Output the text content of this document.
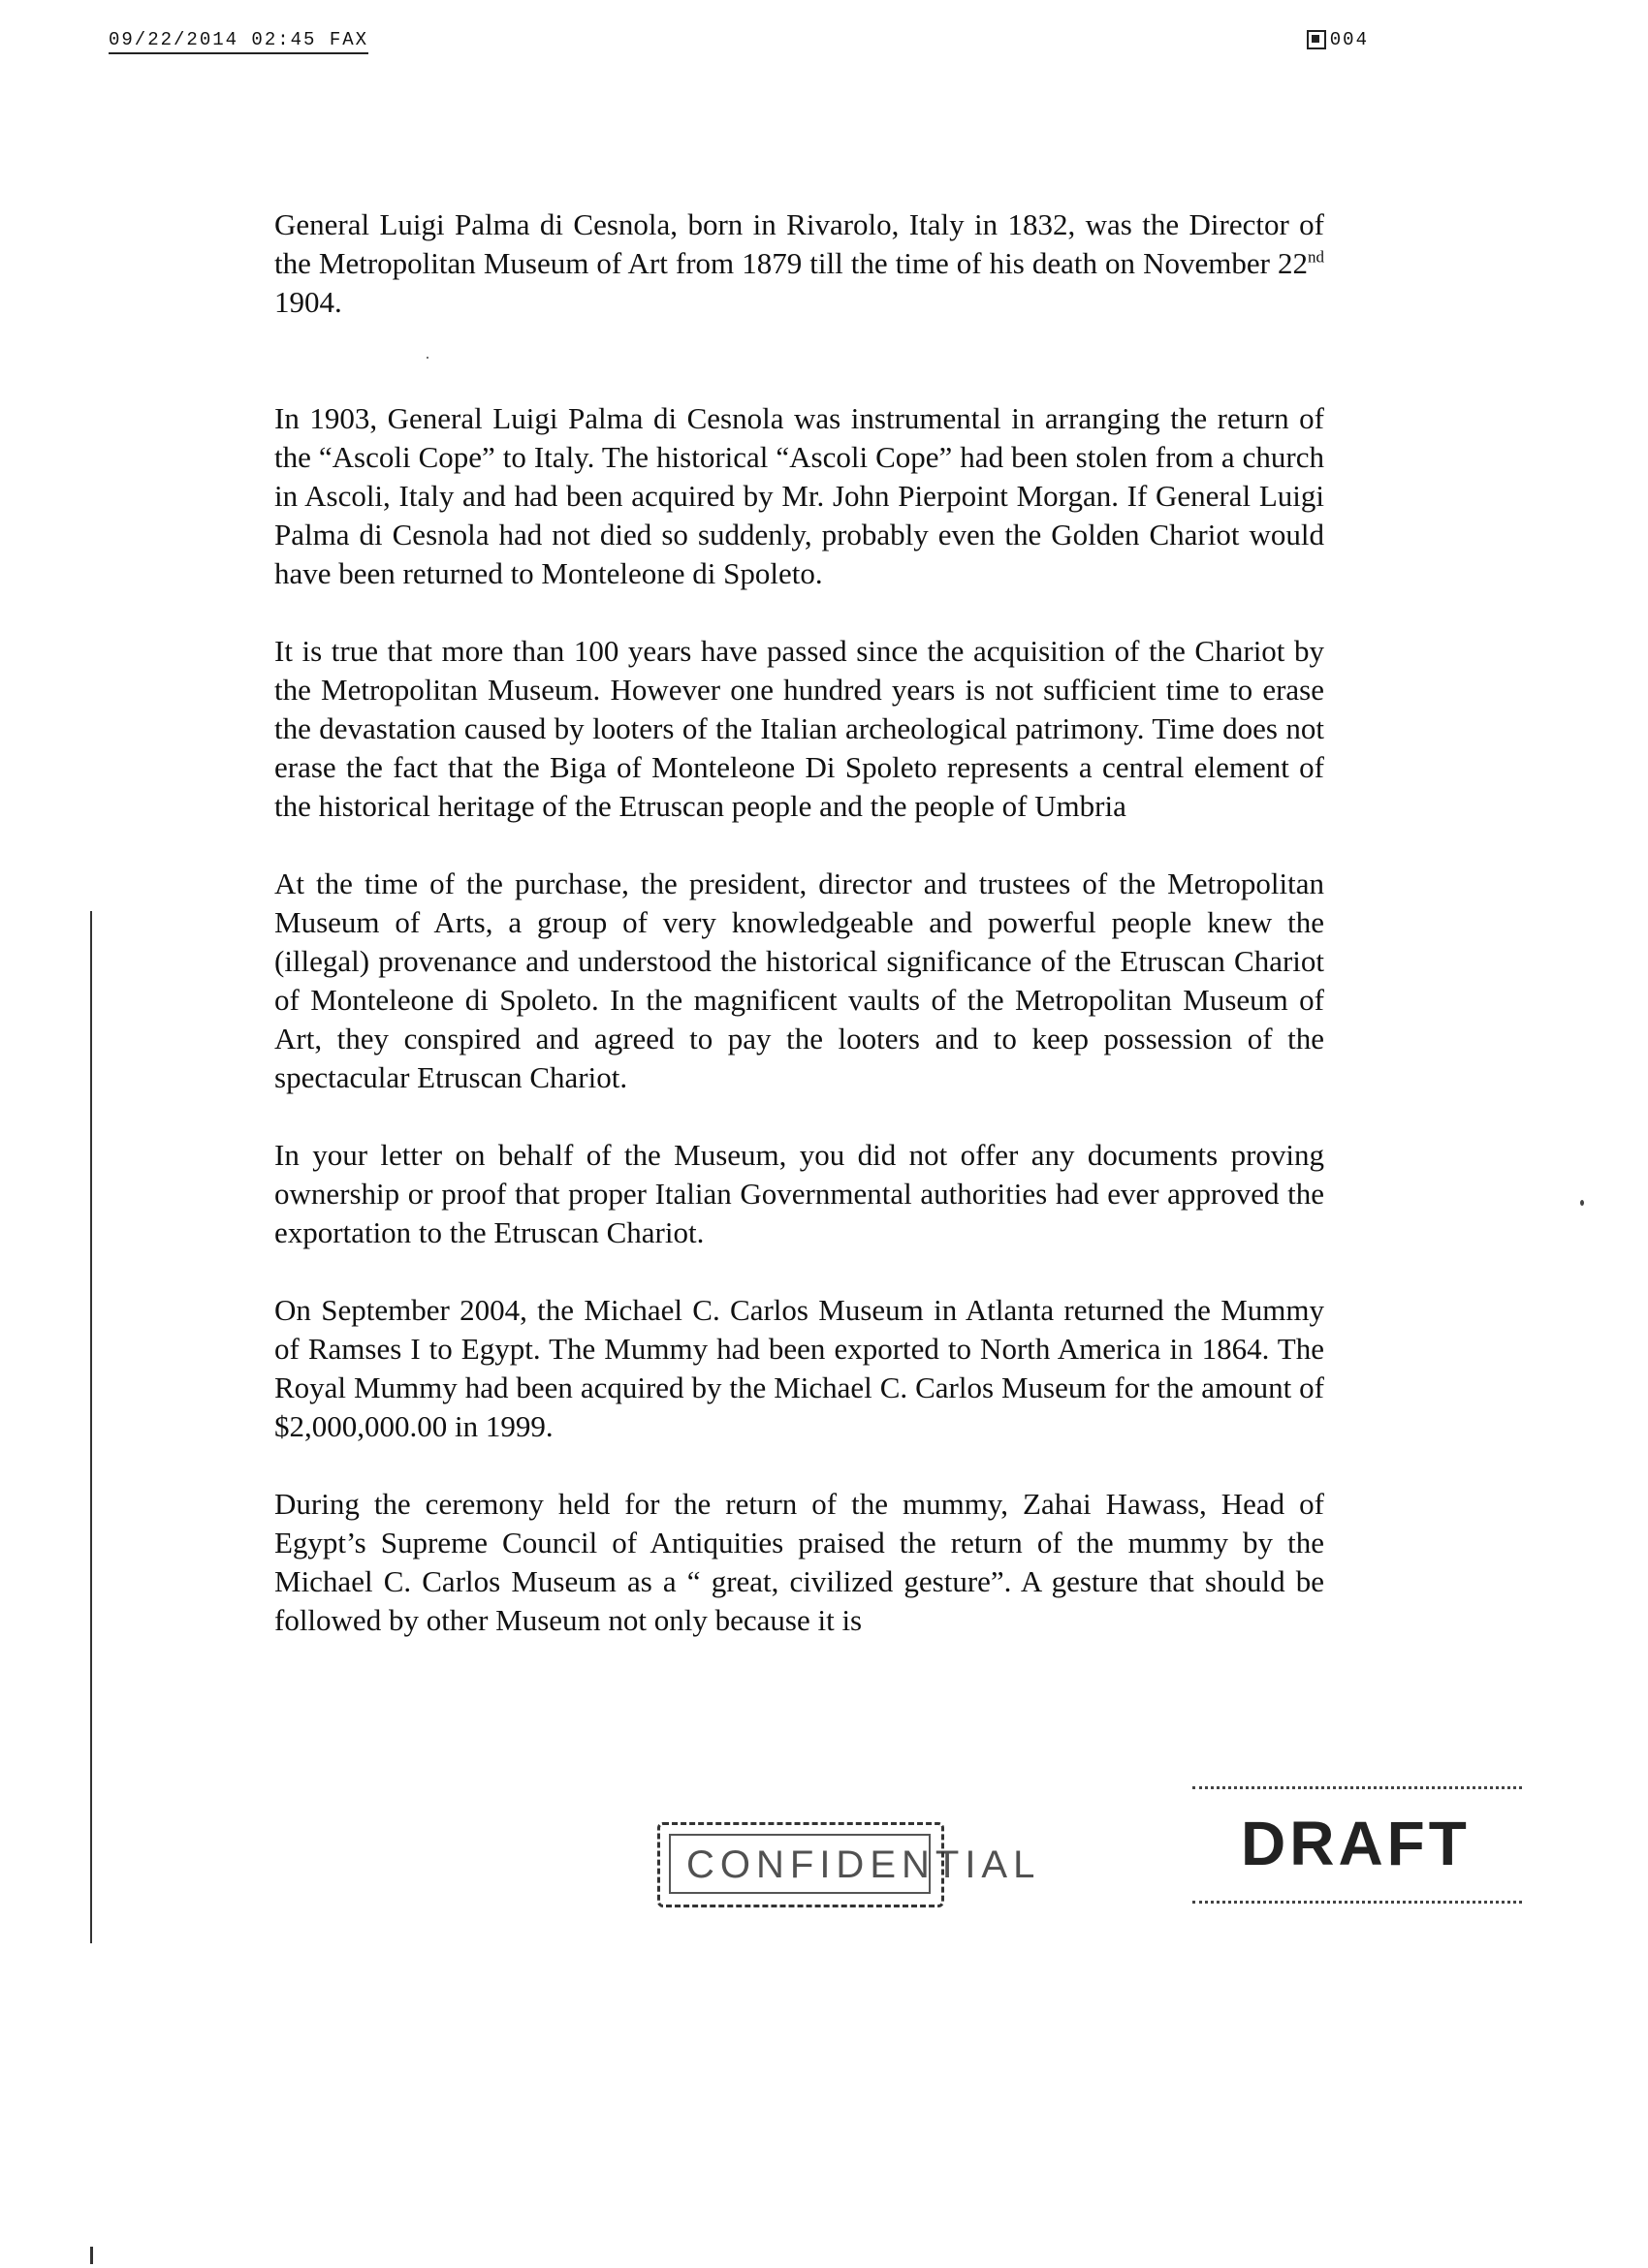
09/22/2014 02:45 FAX	004

General Luigi Palma di Cesnola, born in Rivarolo, Italy in 1832, was the Director of the Metropolitan Museum of Art from 1879 till the time of his death on November 22nd 1904.

In 1903, General Luigi Palma di Cesnola was instrumental in arranging the return of the “Ascoli Cope” to Italy. The historical “Ascoli Cope” had been stolen from a church in Ascoli, Italy and had been acquired by Mr. John Pierpoint Morgan. If General Luigi Palma di Cesnola had not died so suddenly, probably even the Golden Chariot would have been returned to Monteleone di Spoleto.

It is true that more than 100 years have passed since the acquisition of the Chariot by the Metropolitan Museum. However one hundred years is not sufficient time to erase the devastation caused by looters of the Italian archeological patrimony. Time does not erase the fact that the Biga of Monteleone Di Spoleto represents a central element of the historical heritage of the Etruscan people and the people of Umbria

At the time of the purchase, the president, director and trustees of the Metropolitan Museum of Arts, a group of very knowledgeable and powerful people knew the (illegal) provenance and understood the historical significance of the Etruscan Chariot of Monteleone di Spoleto. In the magnificent vaults of the Metropolitan Museum of Art, they conspired and agreed to pay the looters and to keep possession of the spectacular Etruscan Chariot.

In your letter on behalf of the Museum, you did not offer any documents proving ownership or proof that proper Italian Governmental authorities had ever approved the exportation to the Etruscan Chariot.

On September 2004, the Michael C. Carlos Museum in Atlanta returned the Mummy of Ramses I to Egypt. The Mummy had been exported to North America in 1864. The Royal Mummy had been acquired by the Michael C. Carlos Museum for the amount of $2,000,000.00 in 1999.

During the ceremony held for the return of the mummy, Zahai Hawass, Head of Egypt’s Supreme Council of Antiquities praised the return of the mummy by the Michael C. Carlos Museum as a “ great, civilized gesture”. A gesture that should be followed by other Museum not only because it is

CONFIDENTIAL	DRAFT
